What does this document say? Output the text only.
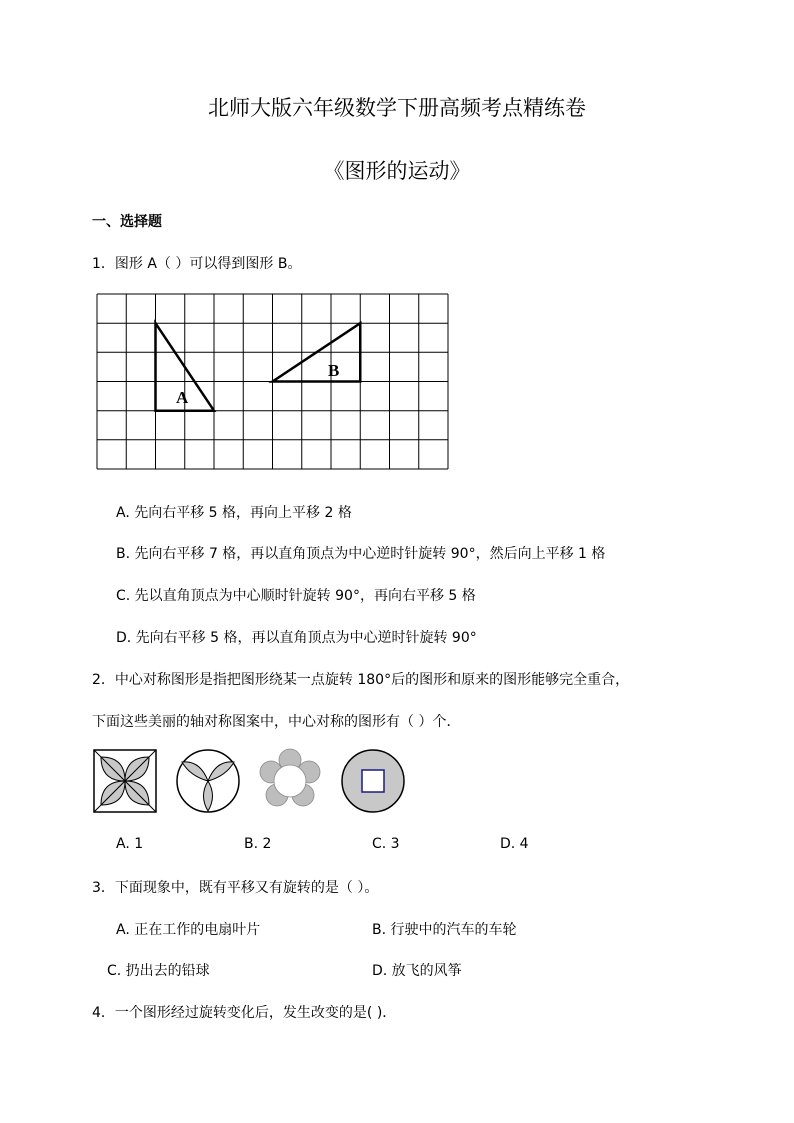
北师大版六年级数学下册高频考点精练卷
《图形的运动》
一、选择题
1．图形 A（ ）可以得到图形 B。
A
B
A. 先向右平移 5 格，再向上平移 2 格
B. 先向右平移 7 格，再以直角顶点为中心逆时针旋转 90°，然后向上平移 1 格
C. 先以直角顶点为中心顺时针旋转 90°，再向右平移 5 格
D. 先向右平移 5 格，再以直角顶点为中心逆时针旋转 90°
2．中心对称图形是指把图形绕某一点旋转 180°后的图形和原来的图形能够完全重合，
下面这些美丽的轴对称图案中，中心对称的图形有（ ）个．
A. 1	B. 2	C. 3	D. 4
3．下面现象中，既有平移又有旋转的是（ ）。
A. 正在工作的电扇叶片	B. 行驶中的汽车的车轮
C. 扔出去的铅球	D. 放飞的风筝
4．一个图形经过旋转变化后，发生改变的是( )．
